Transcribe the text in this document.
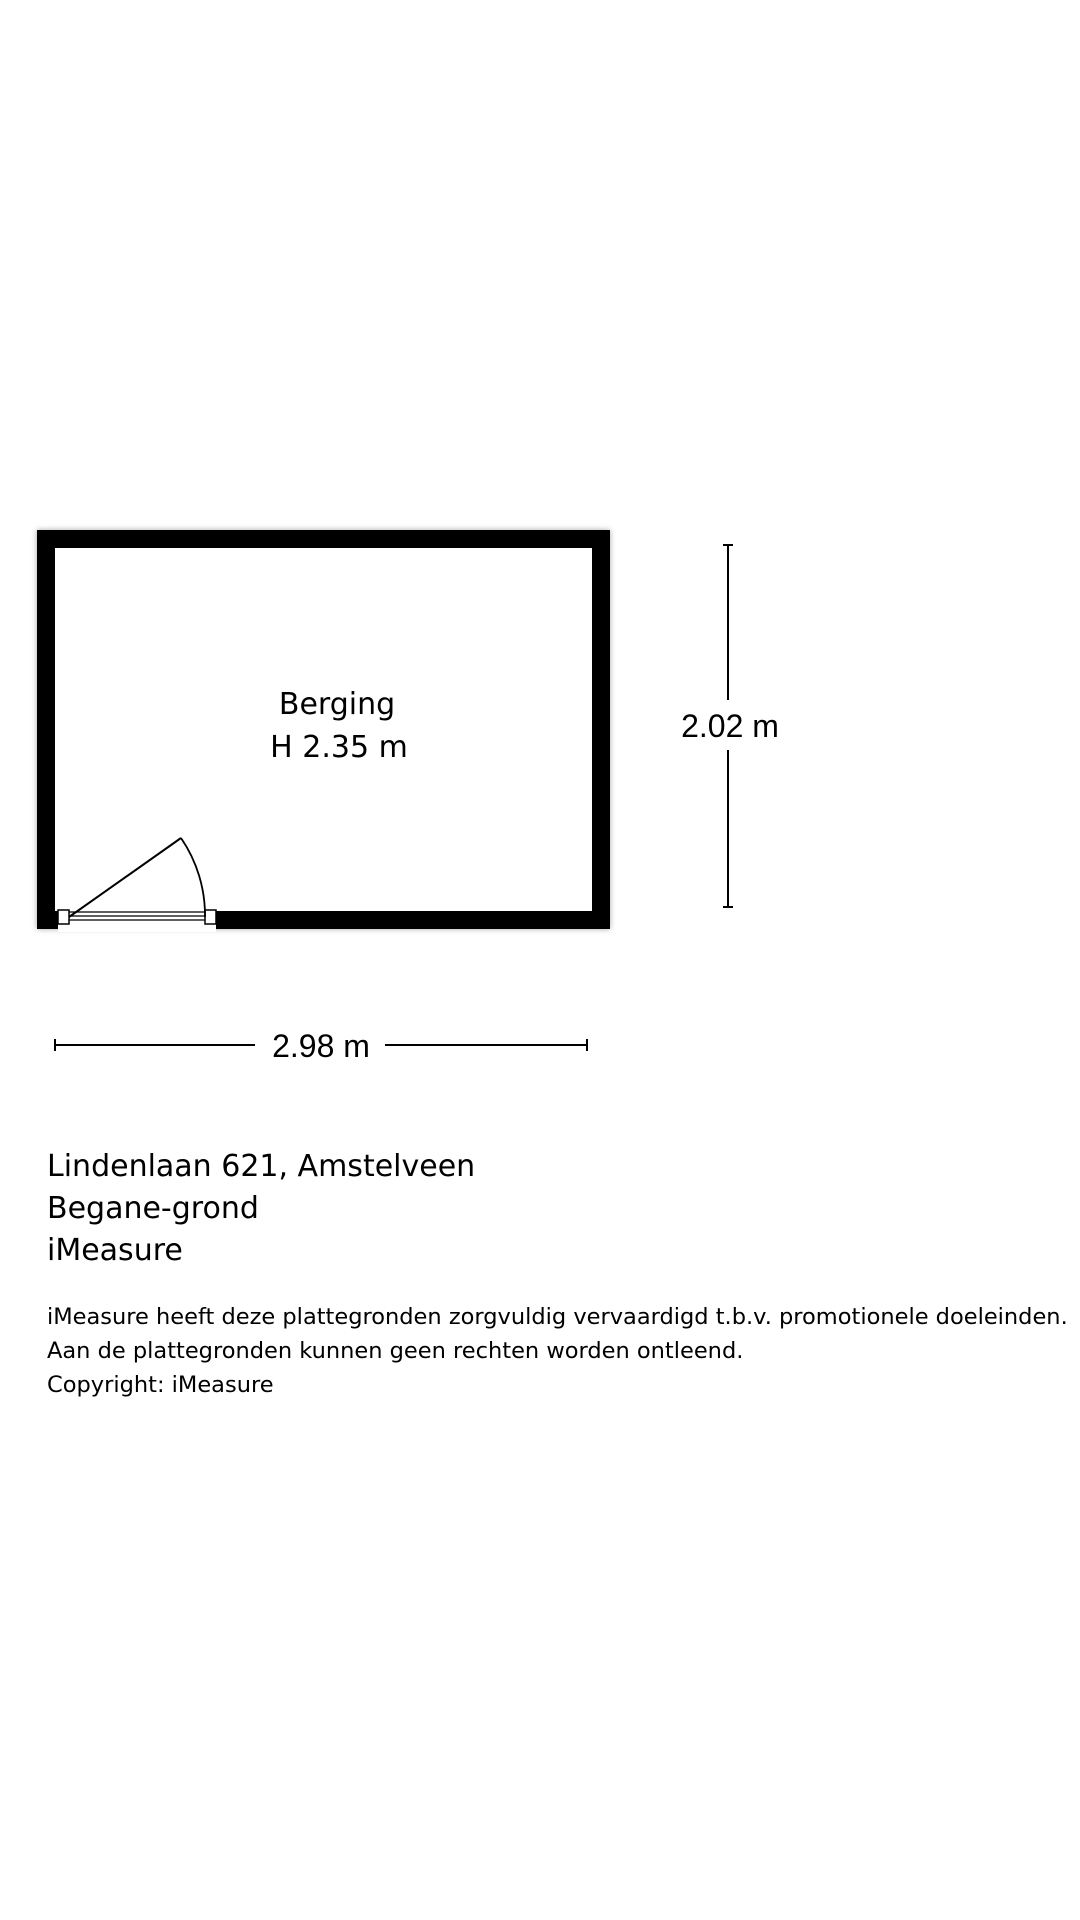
Berging
H 2.35 m
2.02 m
2.98 m
Lindenlaan 621, Amstelveen
Begane-grond
iMeasure
iMeasure heeft deze plattegronden zorgvuldig vervaardigd t.b.v. promotionele doeleinden.
Aan de plattegronden kunnen geen rechten worden ontleend.
Copyright: iMeasure
